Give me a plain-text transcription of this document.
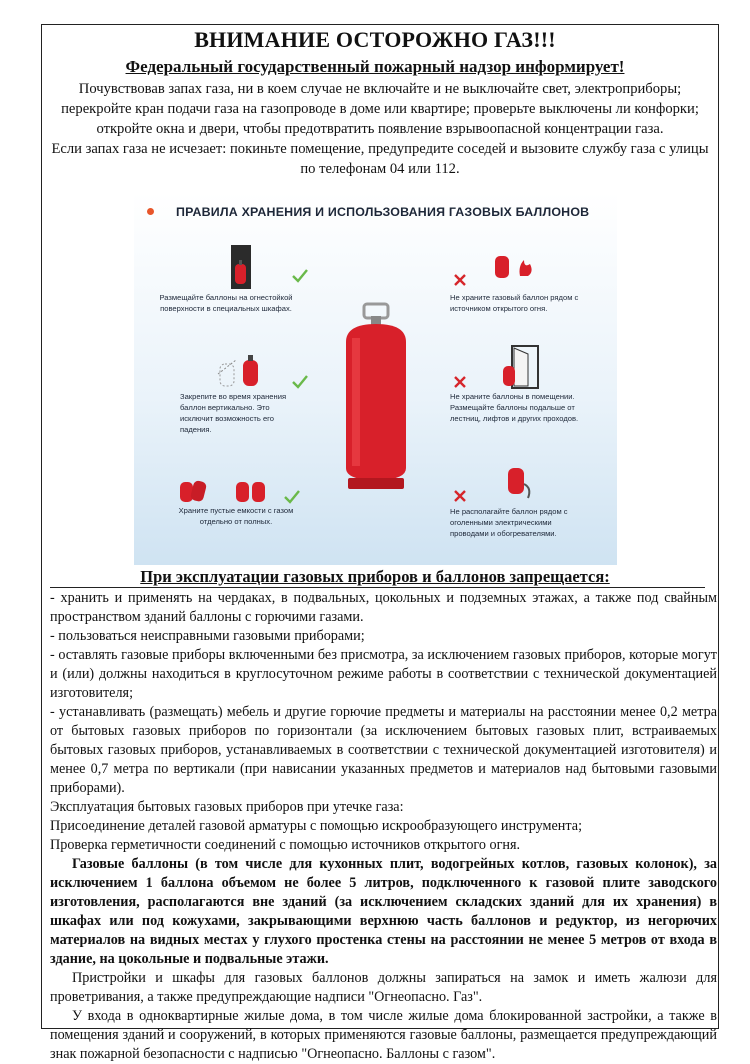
ВНИМАНИЕ ОСТОРОЖНО ГАЗ!!!
Федеральный государственный пожарный надзор информирует!

Почувствовав запах газа, ни в коем случае не включайте и не выключайте свет, электроприборы; перекройте кран подачи газа на газопроводе в доме или квартире; проверьте выключены ли конфорки; откройте окна и двери, чтобы предотвратить появление взрывоопасной концентрации газа.

Если запах газа не исчезает: покиньте помещение, предупредите соседей и вызовите службу газа с улицы по телефонам 04 или 112.

ПРАВИЛА ХРАНЕНИЯ И ИСПОЛЬЗОВАНИЯ ГАЗОВЫХ БАЛЛОНОВ
Размещайте баллоны на огнестойкой поверхности в специальных шкафах.
Закрепите во время хранения баллон вертикально. Это исключит возможность его падения.
Храните пустые емкости с газом отдельно от полных.
Не храните газовый баллон рядом с источником открытого огня.
Не храните баллоны в помещении. Размещайте баллоны подальше от лестниц, лифтов и других проходов.
Не располагайте баллон рядом с оголенными электрическими проводами и обогревателями.
При эксплуатации газовых приборов и баллонов запрещается:

- хранить и применять на чердаках, в подвальных, цокольных и подземных этажах, а также под свайным пространством зданий баллоны с горючими газами.

- пользоваться неисправными газовыми приборами;

- оставлять газовые приборы включенными без присмотра, за исключением газовых приборов, которые могут и (или) должны находиться в круглосуточном режиме работы в соответствии с технической документацией изготовителя;

- устанавливать (размещать) мебель и другие горючие предметы и материалы на расстоянии менее 0,2 метра от бытовых газовых приборов по горизонтали (за исключением бытовых газовых плит, встраиваемых бытовых газовых приборов, устанавливаемых в соответствии с технической документацией изготовителя) и менее 0,7 метра по вертикали (при нависании указанных предметов и материалов над бытовыми газовыми приборами).

Эксплуатация бытовых газовых приборов при утечке газа:

Присоединение деталей газовой арматуры с помощью искрообразующего инструмента;

Проверка герметичности соединений с помощью источников открытого огня.

Газовые баллоны (в том числе для кухонных плит, водогрейных котлов, газовых колонок), за исключением 1 баллона объемом не более 5 литров, подключенного к газовой плите заводского изготовления, располагаются вне зданий (за исключением складских зданий для их хранения) в шкафах или под кожухами, закрывающими верхнюю часть баллонов и редуктор, из негорючих материалов на видных местах у глухого простенка стены на расстоянии не менее 5 метров от входа в здание, на цокольные и подвальные этажи.

Пристройки и шкафы для газовых баллонов должны запираться на замок и иметь жалюзи для проветривания, а также предупреждающие надписи "Огнеопасно. Газ".

У входа в одноквартирные жилые дома, в том числе жилые дома блокированной застройки, а также в помещения зданий и сооружений, в которых применяются газовые баллоны, размещается предупреждающий знак пожарной безопасности с надписью "Огнеопасно. Баллоны с газом".
